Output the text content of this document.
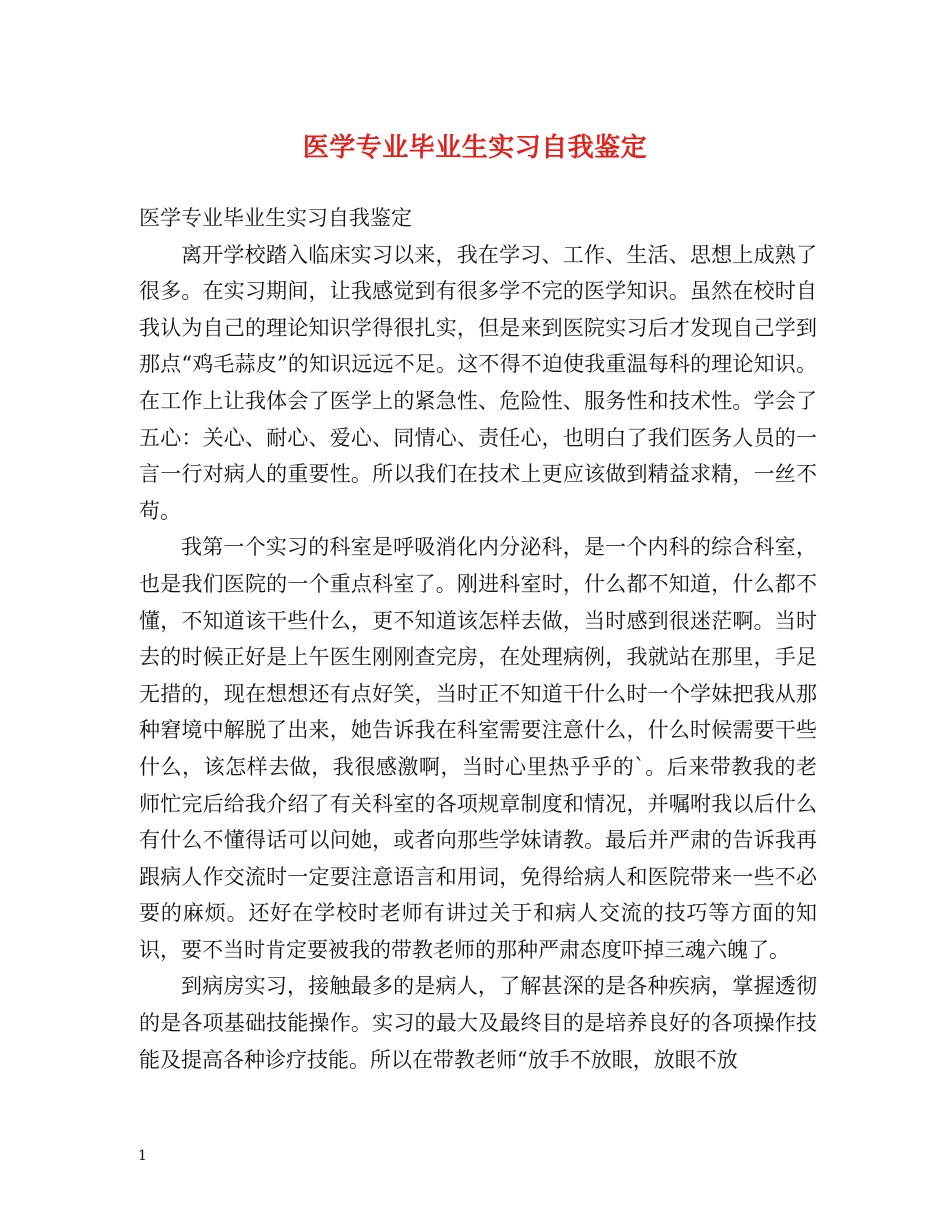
医学专业毕业生实习自我鉴定

医学专业毕业生实习自我鉴定

离开学校踏入临床实习以来，我在学习、工作、生活、思想上成熟了很多。在实习期间，让我感觉到有很多学不完的医学知识。虽然在校时自我认为自己的理论知识学得很扎实，但是来到医院实习后才发现自己学到那点“鸡毛蒜皮”的知识远远不足。这不得不迫使我重温每科的理论知识。在工作上让我体会了医学上的紧急性、危险性、服务性和技术性。学会了五心：关心、耐心、爱心、同情心、责任心，也明白了我们医务人员的一言一行对病人的重要性。所以我们在技术上更应该做到精益求精，一丝不苟。

我第一个实习的科室是呼吸消化内分泌科，是一个内科的综合科室，也是我们医院的一个重点科室了。刚进科室时，什么都不知道，什么都不懂，不知道该干些什么，更不知道该怎样去做，当时感到很迷茫啊。当时去的时候正好是上午医生刚刚查完房，在处理病例，我就站在那里，手足无措的，现在想想还有点好笑，当时正不知道干什么时一个学妹把我从那种窘境中解脱了出来，她告诉我在科室需要注意什么，什么时候需要干些什么，该怎样去做，我很感激啊，当时心里热乎乎的`。后来带教我的老师忙完后给我介绍了有关科室的各项规章制度和情况，并嘱咐我以后什么有什么不懂得话可以问她，或者向那些学妹请教。最后并严肃的告诉我再跟病人作交流时一定要注意语言和用词，免得给病人和医院带来一些不必要的麻烦。还好在学校时老师有讲过关于和病人交流的技巧等方面的知识，要不当时肯定要被我的带教老师的那种严肃态度吓掉三魂六魄了。

到病房实习，接触最多的是病人，了解甚深的是各种疾病，掌握透彻的是各项基础技能操作。实习的最大及最终目的是培养良好的各项操作技能及提高各种诊疗技能。所以在带教老师“放手不放眼，放眼不放

1
